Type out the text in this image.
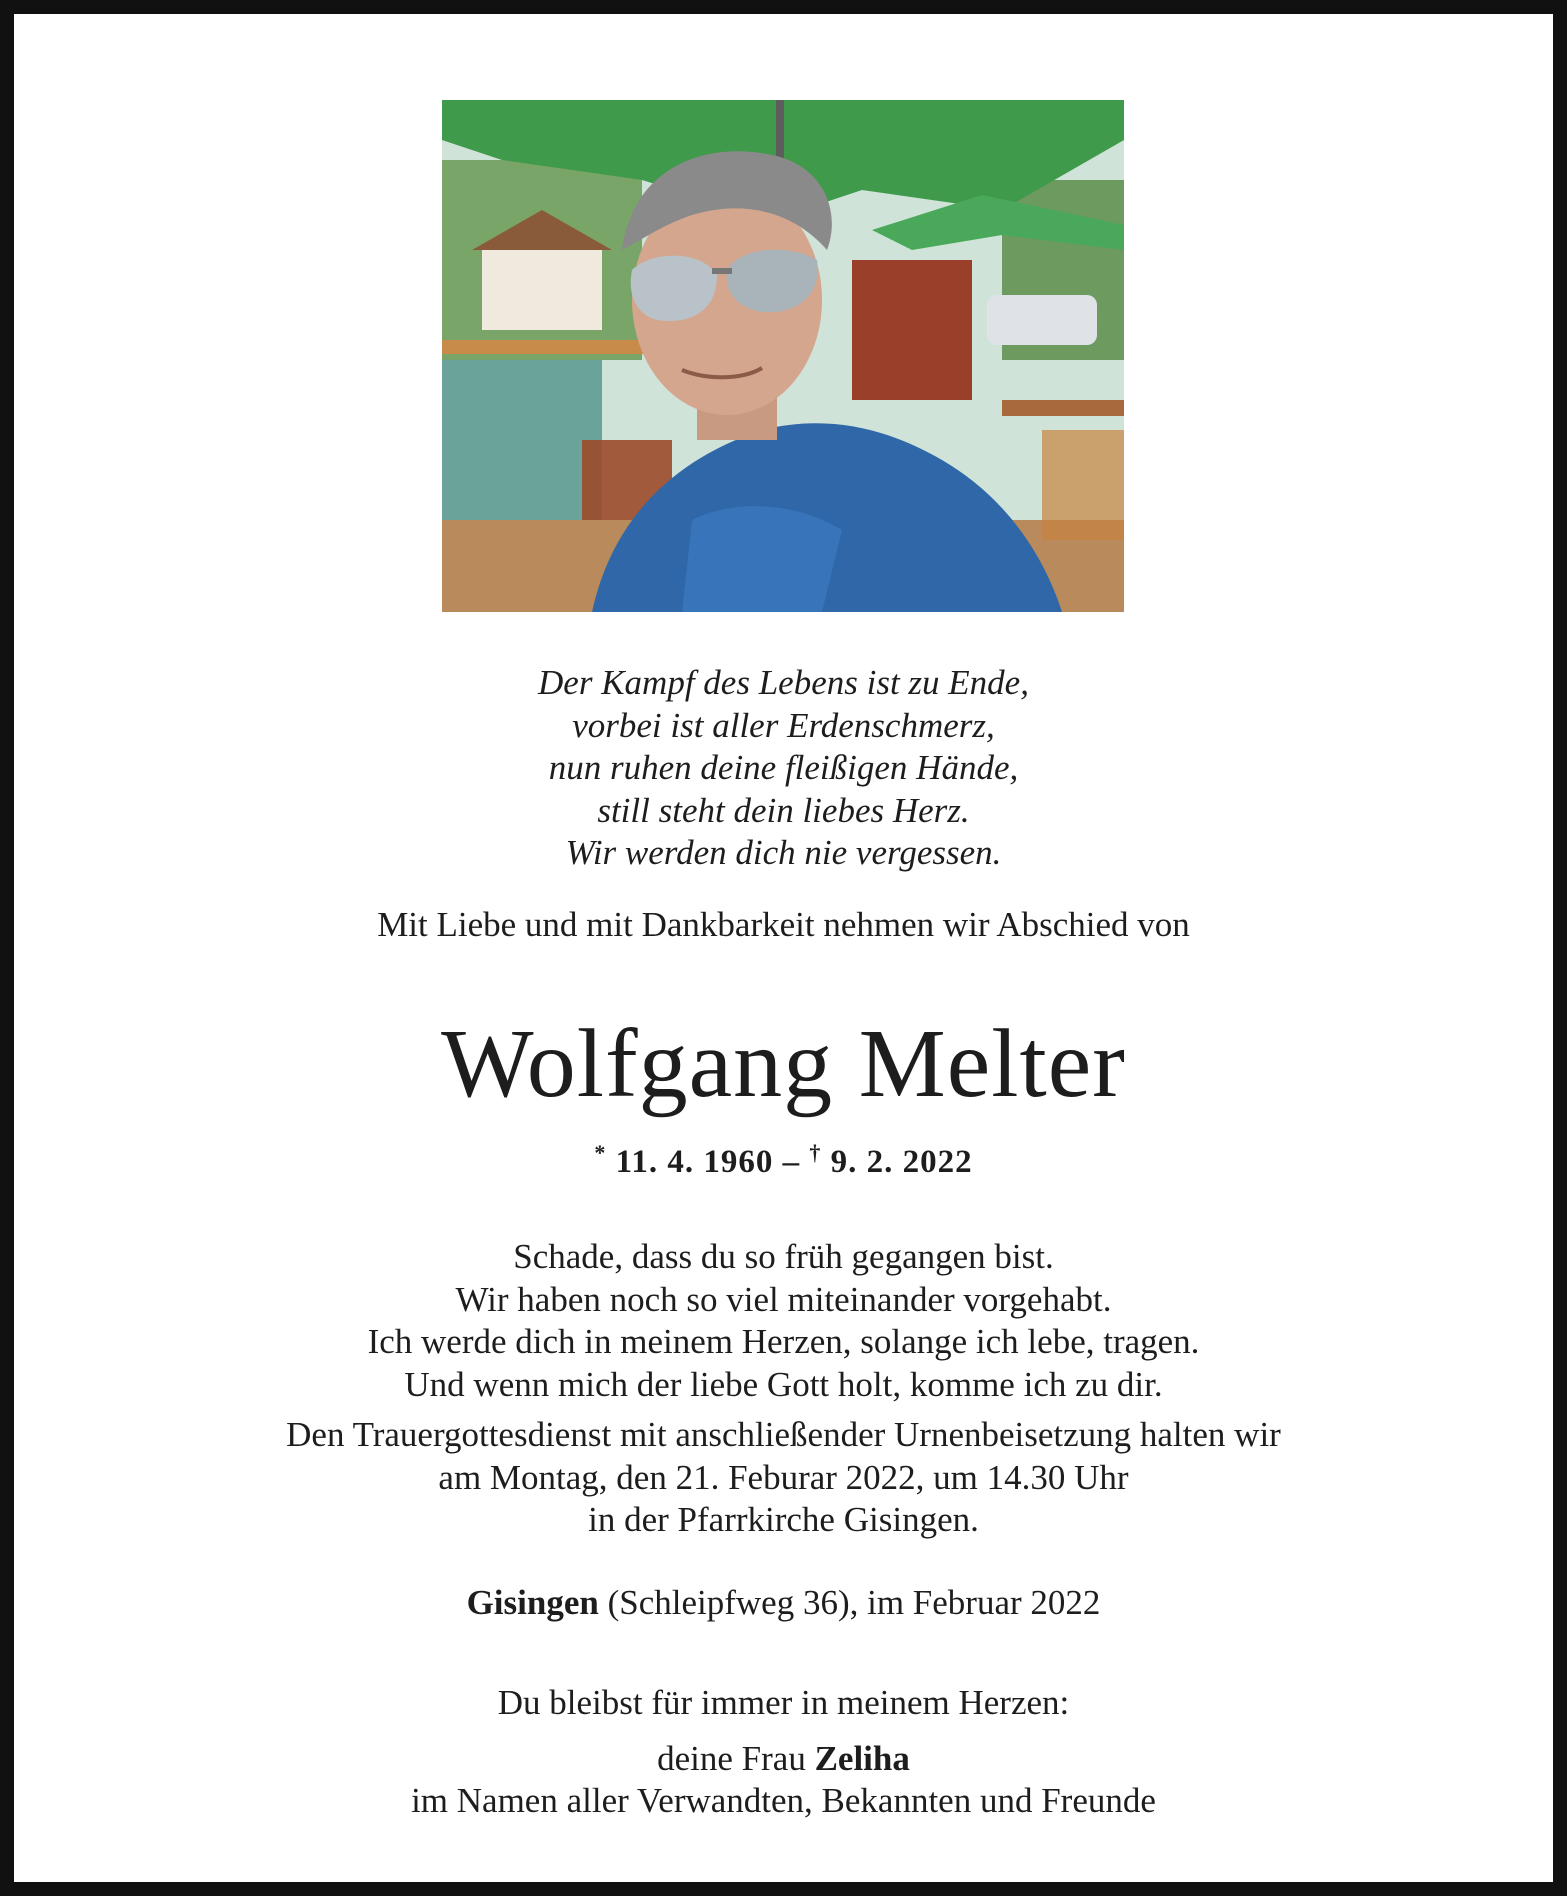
Der Kampf des Lebens ist zu Ende,
vorbei ist aller Erdenschmerz,
nun ruhen deine fleißigen Hände,
still steht dein liebes Herz.
Wir werden dich nie vergessen.
Mit Liebe und mit Dankbarkeit nehmen wir Abschied von
Wolfgang Melter
* 11. 4. 1960 – † 9. 2. 2022
Schade, dass du so früh gegangen bist.
Wir haben noch so viel miteinander vorgehabt.
Ich werde dich in meinem Herzen, solange ich lebe, tragen.
Und wenn mich der liebe Gott holt, komme ich zu dir.
Den Trauergottesdienst mit anschließender Urnenbeisetzung halten wir
am Montag, den 21. Feburar 2022, um 14.30 Uhr
in der Pfarrkirche Gisingen.
Gisingen (Schleipfweg 36), im Februar 2022
Du bleibst für immer in meinem Herzen:
deine Frau Zeliha
im Namen aller Verwandten, Bekannten und Freunde
